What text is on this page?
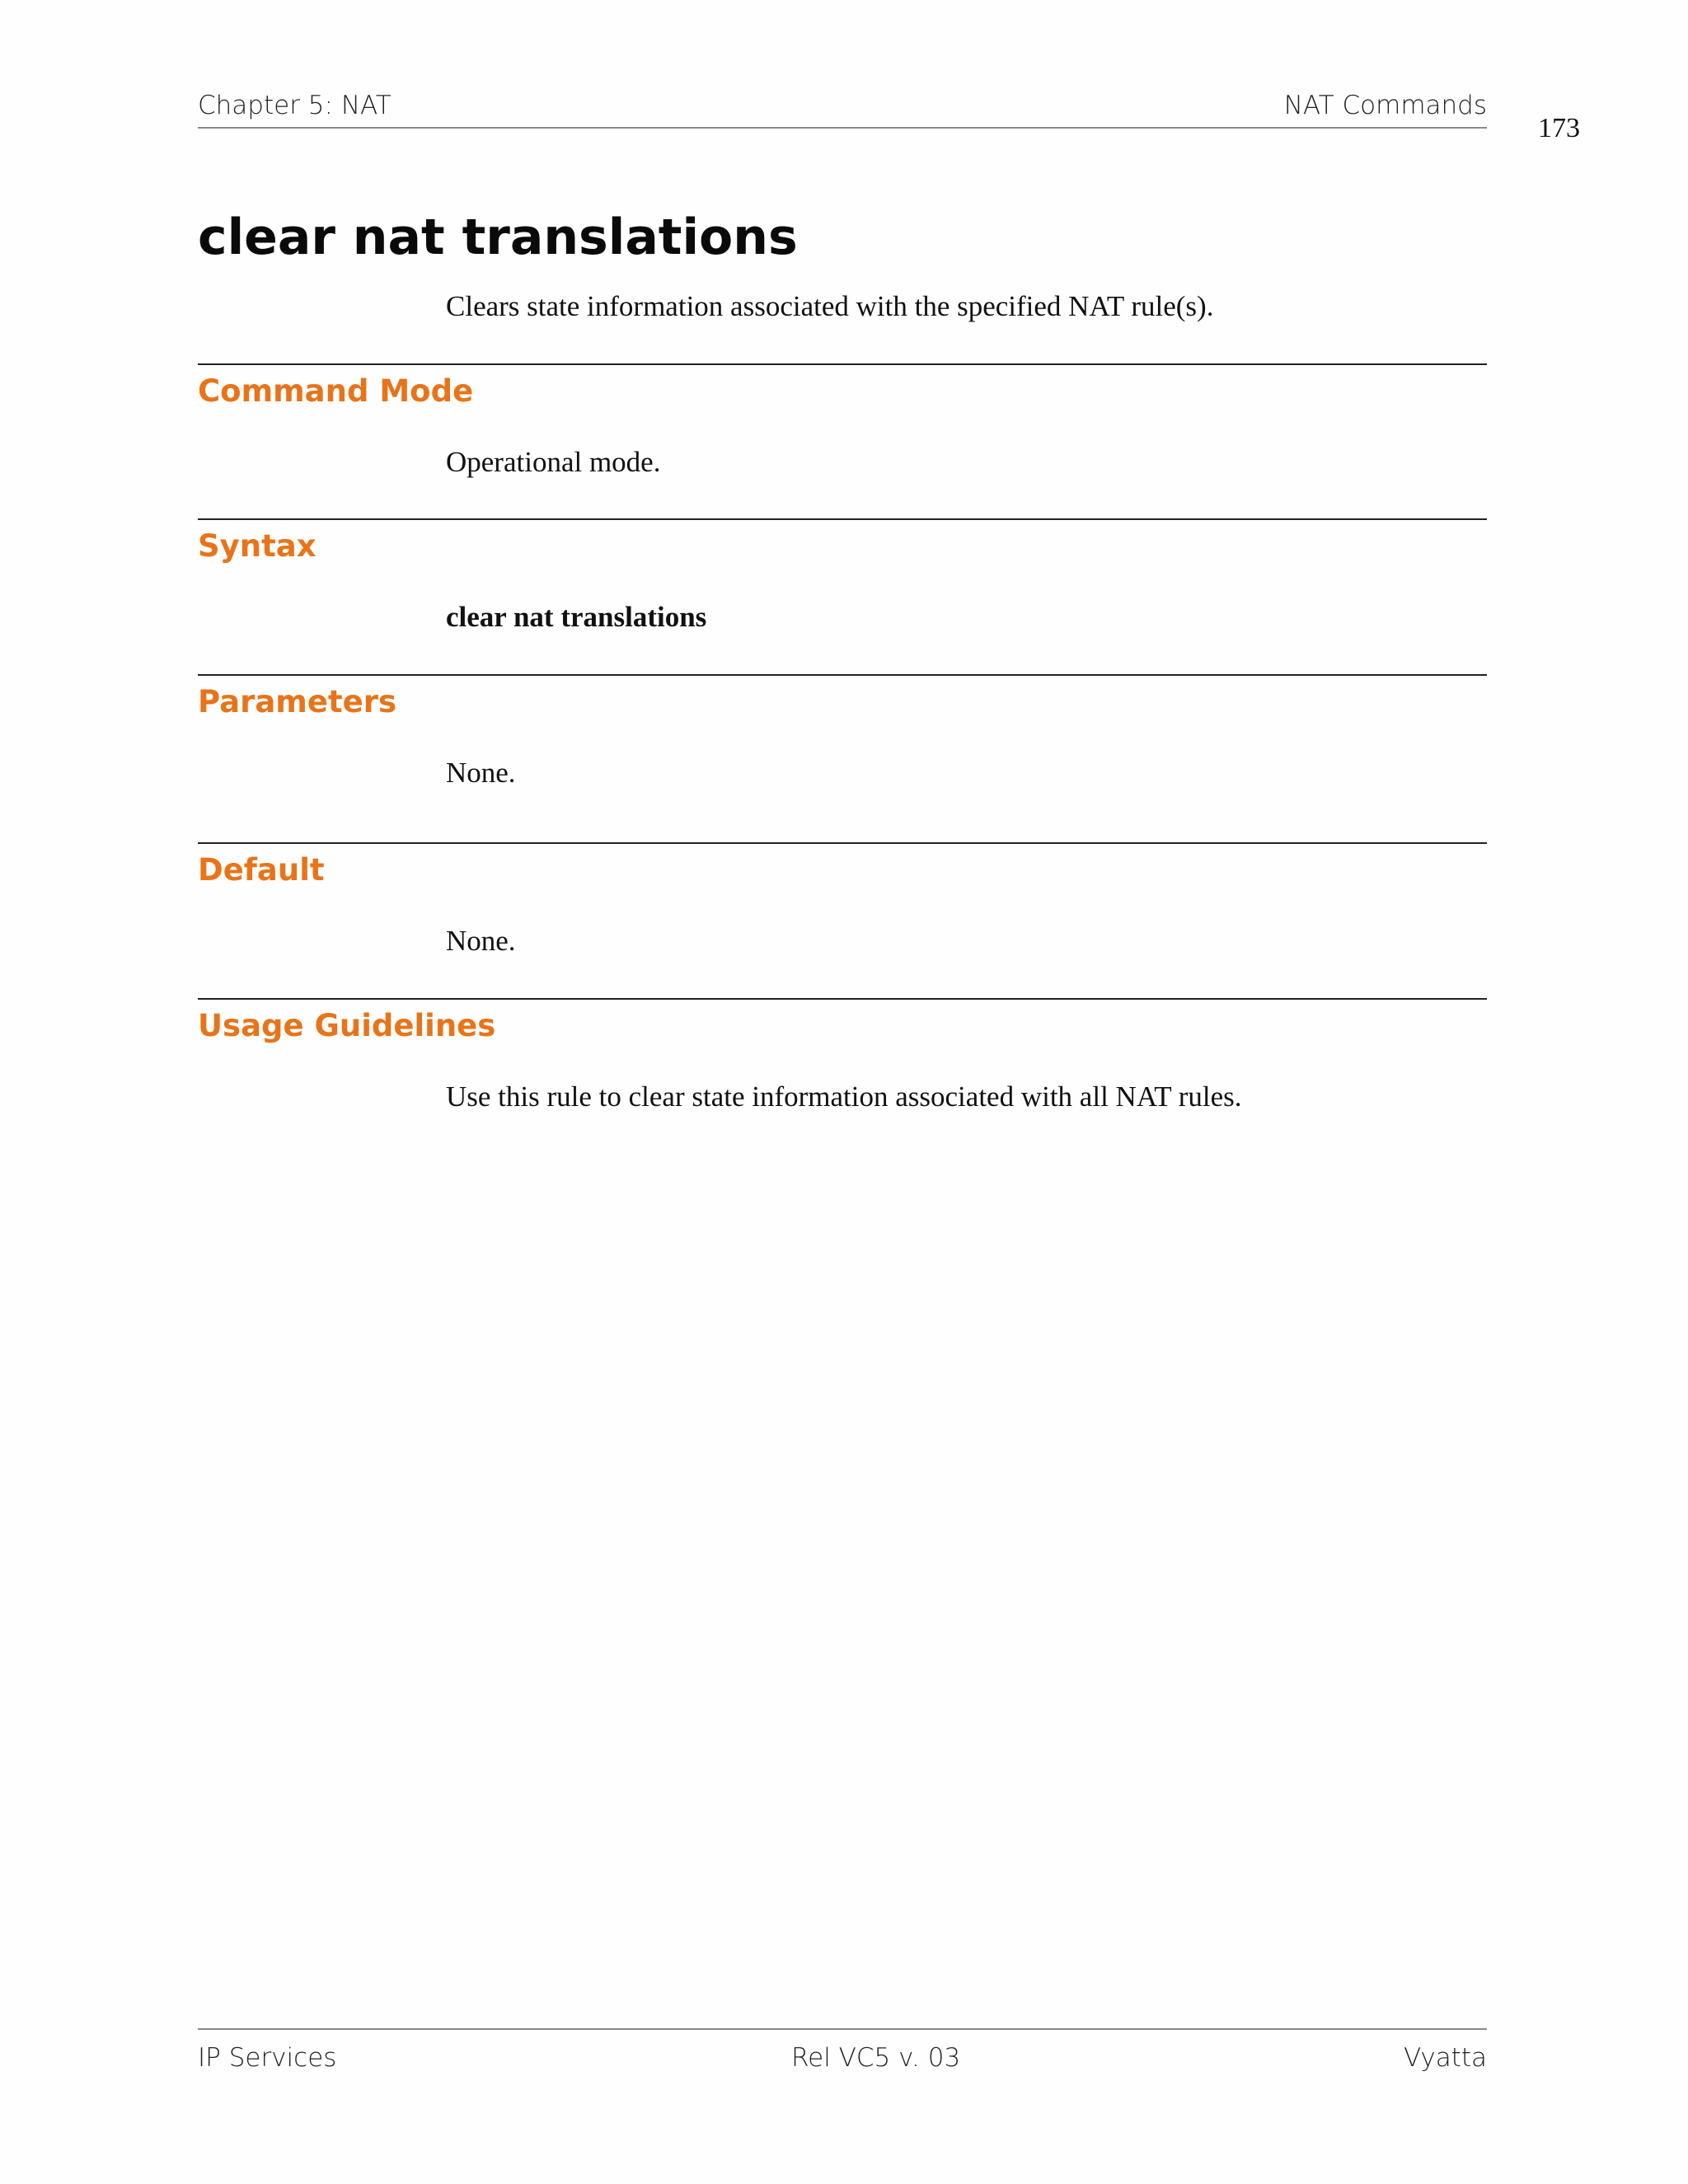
Chapter 5: NAT	NAT Commands
173
clear nat translations

Clears state information associated with the specified NAT rule(s).

Command Mode

Operational mode.

Syntax

clear nat translations

Parameters

None.

Default

None.

Usage Guidelines

Use this rule to clear state information associated with all NAT rules.

IP Services	Rel VC5 v. 03	Vyatta
